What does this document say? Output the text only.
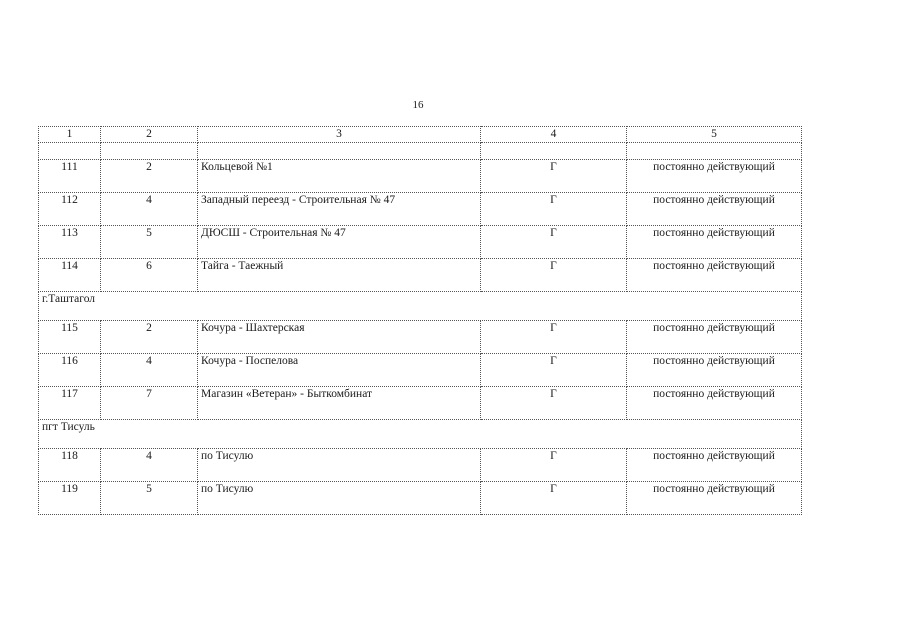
16
1	2	3	4	5

111	2	Кольцевой №1	Г	постоянно действующий
112	4	Западный переезд - Строительная № 47	Г	постоянно действующий
113	5	ДЮСШ - Строительная № 47	Г	постоянно действующий
114	6	Тайга - Таежный	Г	постоянно действующий
г.Таштагол				
115	2	Кочура - Шахтерская	Г	постоянно действующий
116	4	Кочура - Поспелова	Г	постоянно действующий
117	7	Магазин «Ветеран» - Быткомбинат	Г	постоянно действующий
пгт Тисуль				
118	4	по Тисулю	Г	постоянно действующий
119	5	по Тисулю	Г	постоянно действующий
